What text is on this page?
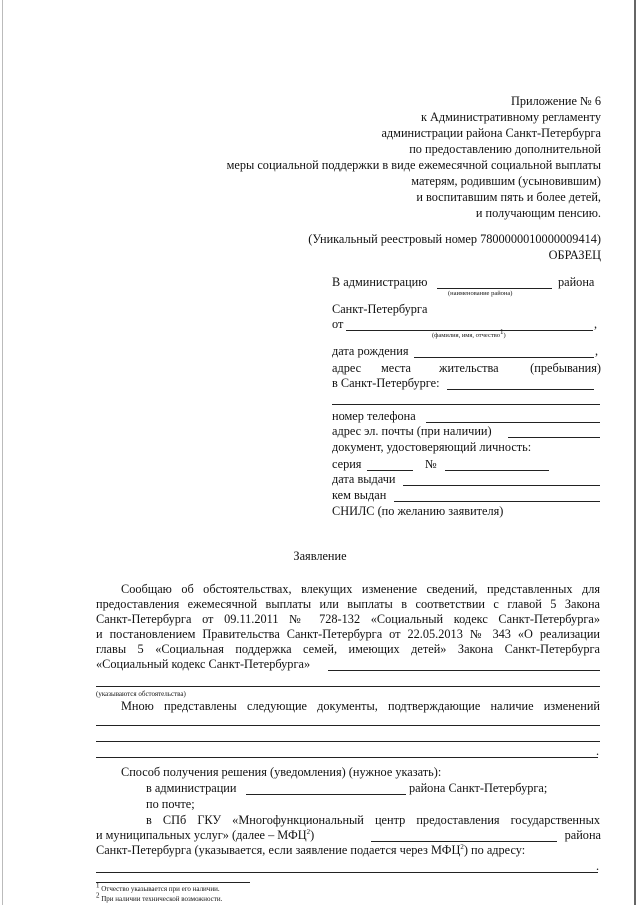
Приложение № 6
к Административному регламенту
администрации района Санкт-Петербурга
по предоставлению дополнительной
меры социальной поддержки в виде ежемесячной социальной выплаты
матерям, родившим (усыновившим)
и воспитавшим пять и более детей,
и получающим пенсию.
(Уникальный реестровый номер 7800000010000009414)
ОБРАЗЕЦ
В администрацию	района
(наименование района)
Санкт-Петербурга
от	,
(фамилия, имя, отчество$^1$)
дата рождения	,
адрес места жительства	(пребывания)
в Санкт-Петербурге:
номер телефона
адрес эл. почты (при наличии)
документ, удостоверяющий личность:
серия	№
дата выдачи
кем выдан
СНИЛС (по желанию заявителя)
Заявление
Сообщаю об обстоятельствах, влекущих изменение сведений, представленных для
предоставления ежемесячной выплаты или выплаты в соответствии с главой 5 Закона
Санкт-Петербурга от 09.11.2011 № 728-132 «Социальный кодекс Санкт-Петербурга»
и постановлением Правительства Санкт-Петербурга от 22.05.2013 № 343 «О реализации
главы 5 «Социальная поддержка семей, имеющих детей» Закона Санкт-Петербурга
«Социальный кодекс Санкт-Петербурга»
(указываются обстоятельства)
Мною представлены следующие документы, подтверждающие наличие изменений
.
Способ получения решения (уведомления) (нужное указать):
в администрации	района Санкт-Петербурга;
по почте;
в СПб ГКУ «Многофункциональный центр предоставления государственных
и муниципальных услуг» (далее – МФЦ$^2$)	района
Санкт-Петербурга (указывается, если заявление подается через МФЦ$^2$) по адресу:
.
$^1$ Отчество указывается при его наличии.
$^2$ При наличии технической возможности.
